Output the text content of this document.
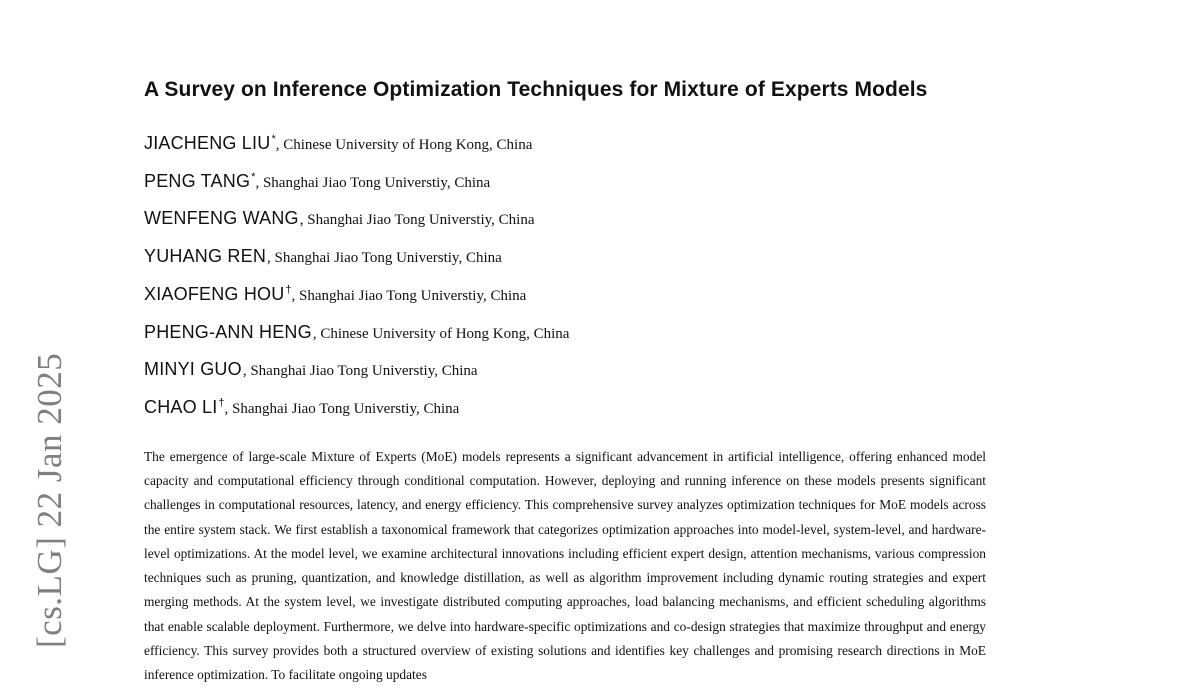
[cs.LG] 22 Jan 2025
A Survey on Inference Optimization Techniques for Mixture of Experts Models
JIACHENG LIU*, Chinese University of Hong Kong, China
PENG TANG*, Shanghai Jiao Tong Universtiy, China
WENFENG WANG, Shanghai Jiao Tong Universtiy, China
YUHANG REN, Shanghai Jiao Tong Universtiy, China
XIAOFENG HOU†, Shanghai Jiao Tong Universtiy, China
PHENG-ANN HENG, Chinese University of Hong Kong, China
MINYI GUO, Shanghai Jiao Tong Universtiy, China
CHAO LI†, Shanghai Jiao Tong Universtiy, China

The emergence of large-scale Mixture of Experts (MoE) models represents a significant advancement in artificial intelligence, offering enhanced model capacity and computational efficiency through conditional computation. However, deploying and running inference on these models presents significant challenges in computational resources, latency, and energy efficiency. This comprehensive survey analyzes optimization techniques for MoE models across the entire system stack. We first establish a taxonomical framework that categorizes optimization approaches into model-level, system-level, and hardware-level optimizations. At the model level, we examine architectural innovations including efficient expert design, attention mechanisms, various compression techniques such as pruning, quantization, and knowledge distillation, as well as algorithm improvement including dynamic routing strategies and expert merging methods. At the system level, we investigate distributed computing approaches, load balancing mechanisms, and efficient scheduling algorithms that enable scalable deployment. Furthermore, we delve into hardware-specific optimizations and co-design strategies that maximize throughput and energy efficiency. This survey provides both a structured overview of existing solutions and identifies key challenges and promising research directions in MoE inference optimization. To facilitate ongoing updates
